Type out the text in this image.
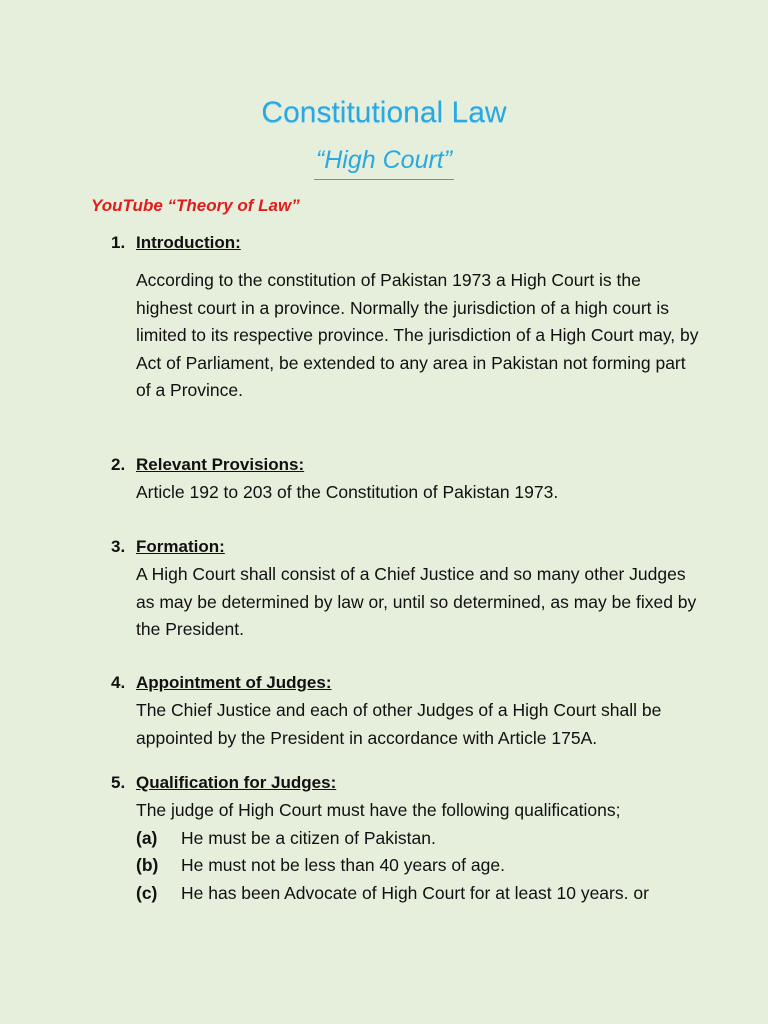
Constitutional Law
“High Court”
YouTube “Theory of Law”
1. Introduction:
According to the constitution of Pakistan 1973 a High Court is the highest court in a province. Normally the jurisdiction of a high court is limited to its respective province. The jurisdiction of a High Court may, by Act of Parliament, be extended to any area in Pakistan not forming part of a Province.
2. Relevant Provisions:
Article 192 to 203 of the Constitution of Pakistan 1973.
3. Formation:
A High Court shall consist of a Chief Justice and so many other Judges as may be determined by law or, until so determined, as may be fixed by the President.
4. Appointment of Judges:
The Chief Justice and each of other Judges of a High Court shall be appointed by the President in accordance with Article 175A.
5. Qualification for Judges:
The judge of High Court must have the following qualifications;
(a) He must be a citizen of Pakistan.
(b) He must not be less than 40 years of age.
(c) He has been Advocate of High Court for at least 10 years. or
